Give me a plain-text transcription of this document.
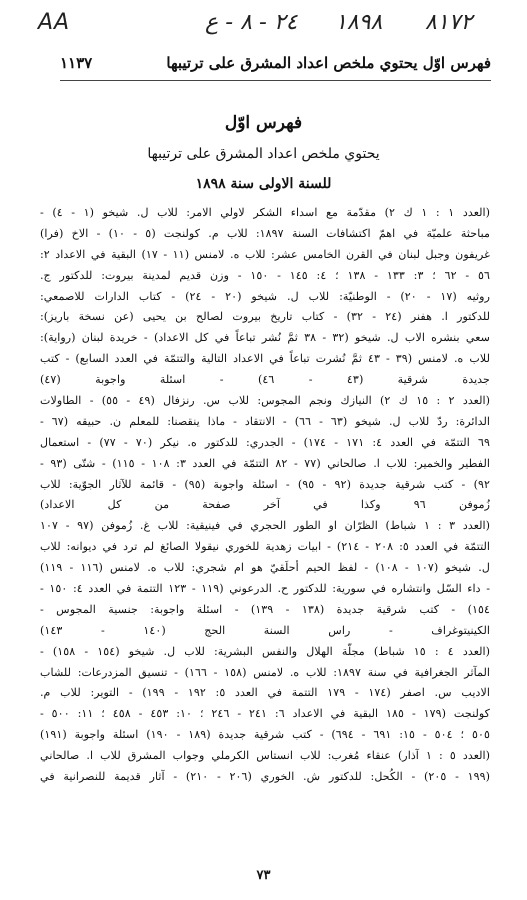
AA	٢٤ - ٨ - ع ١٨٩٨ ٨١٧٢
فهرس اوّل يحتوي ملخص اعداد المشرق على ترتيبها
١١٣٧
فهرس اوّل
يحتوي ملخص اعداد المشرق على ترتيبها
للسنة الاولى سنة ١٨٩٨
(العدد ١ : ١ ك ٢) مقدّمة مع اسداء الشكر لاولي الامر: للاب ل. شيخو (١ - ٤) -
مباحثة علميّة في اهمّ اكتشافات السنة ١٨٩٧: للاب م. كولنجت (٥ - ١٠) - الاخ (فرا)
غريفون وجبل لبنان في القرن الخامس عشر: للاب ه. لامنس (١١ - ١٧) البقية في الاعداد ٢:
٥٦ - ٦٢ ؛ ٣: ١٣٣ - ١٣٨ ؛ ٤: ١٤٥ - ١٥٠ - وزن قديم لمدينة بيروت: للدكتور ج.
روثيه (١٧ - ٢٠) - الوطنيّة: للاب ل. شيخو (٢٠ - ٢٤) - كتاب الدارات للاصمعي:
للدكتور ا. هفنر (٢٤ - ٣٢) - كتاب تاريخ بيروت لصالح بن يحيى (عن نسخة باريز):
سعي بنشره الاب ل. شيخو (٣٢ - ٣٨ ثمَّ نُشر تباعاً في كل الاعداد) - خريدة لبنان (رواية):
للاب ه. لامنس (٣٩ - ٤٣ ثمَّ نُشرت تباعاً في الاعداد التالية والتتمّة في العدد السابع) - كتب
جديدة شرقية (٤٣ - ٤٦) - اسئلة واجوبة (٤٧)
(العدد ٢ : ١٥ ك ٢) النيازك ونجم المجوس: للاب س. رنزفال (٤٩ - ٥٥) - الطاولات
الدائرة: ردّ للاب ل. شيخو (٦٣ - ٦٦) - الانتقاد - ماذا ينقصنا: للمعلم ن. حبيقه (٦٧ -
٦٩ التتمّة في العدد ٤: ١٧١ - ١٧٤) - الجدري: للدكتور ه. نيكر (٧٠ - ٧٧) - استعمال
الفطير والخمير: للاب ا. صالحاني (٧٧ - ٨٢ التتمّة في العدد ٣: ١٠٨ - ١١٥) - شتّى (٩٣ -
٩٢) - كتب شرقية جديدة (٩٢ - ٩٥) - اسئلة واجوبة (٩٥) - قائمة للآثار الجوّية: للاب
زُموفن ٩٦ وكذا في آخر صفحة من كل الاعداد)
(العدد ٣ : ١ شباط) الظرّان او الطور الحجري في فينيقية: للاب غ. زُموفن (٩٧ - ١٠٧
التتمّة في العدد ٥: ٢٠٨ - ٢١٤) - ابيات زهدية للخوري نيقولا الصائغ لم ترد في ديوانه: للاب
ل. شيخو (١٠٧ - ١٠٨) - لفظ الحيم أحلَقيّ هو ام شجري: للاب ه. لامنس (١١٦ - ١١٩)
- داء السّل وانتشاره في سورية: للدكتور ح. الدرعوني (١١٩ - ١٢٣ التتمة في العدد ٤: ١٥٠ -
١٥٤) - كتب شرقية جديدة (١٣٨ - ١٣٩) - اسئلة واجوبة: جنسية المجوس -
الكينيتوغراف - راس السنة الحج (١٤٠ - ١٤٣)
(العدد ٤ : ١٥ شباط) مجلّة الهلال والنفس البشرية: للاب ل. شيخو (١٥٤ - ١٥٨) -
المآثر الجغرافية في سنة ١٨٩٧: للاب ه. لامنس (١٥٨ - ١٦٦) - تنسيق المزدرعات: للشاب
الاديب س. اصفر (١٧٤ - ١٧٩ التتمة في العدد ٥: ١٩٢ - ١٩٩) - التوير: للاب م.
كولنجت (١٧٩ - ١٨٥ البقية في الاعداد ٦: ٢٤١ - ٢٤٦ ؛ ١٠: ٤٥٣ - ٤٥٨ ؛ ١١: ٥٠٠ -
٥٠٥ ؛ ٥٠٤ - ١٥: ٦٩١ - ٦٩٤) - كتب شرقية جديدة (١٨٩ - ١٩٠) اسئلة واجوبة (١٩١)
(العدد ٥ : ١ آذار) عنقاء مُغرب: للاب انستاس الكرملي وجواب المشرق للاب ا. صالحاني
(١٩٩ - ٢٠٥) - الكُحل: للدكتور ش. الخوري (٢٠٦ - ٢١٠) - آثار قديمة للنصرانية في
٧٣
